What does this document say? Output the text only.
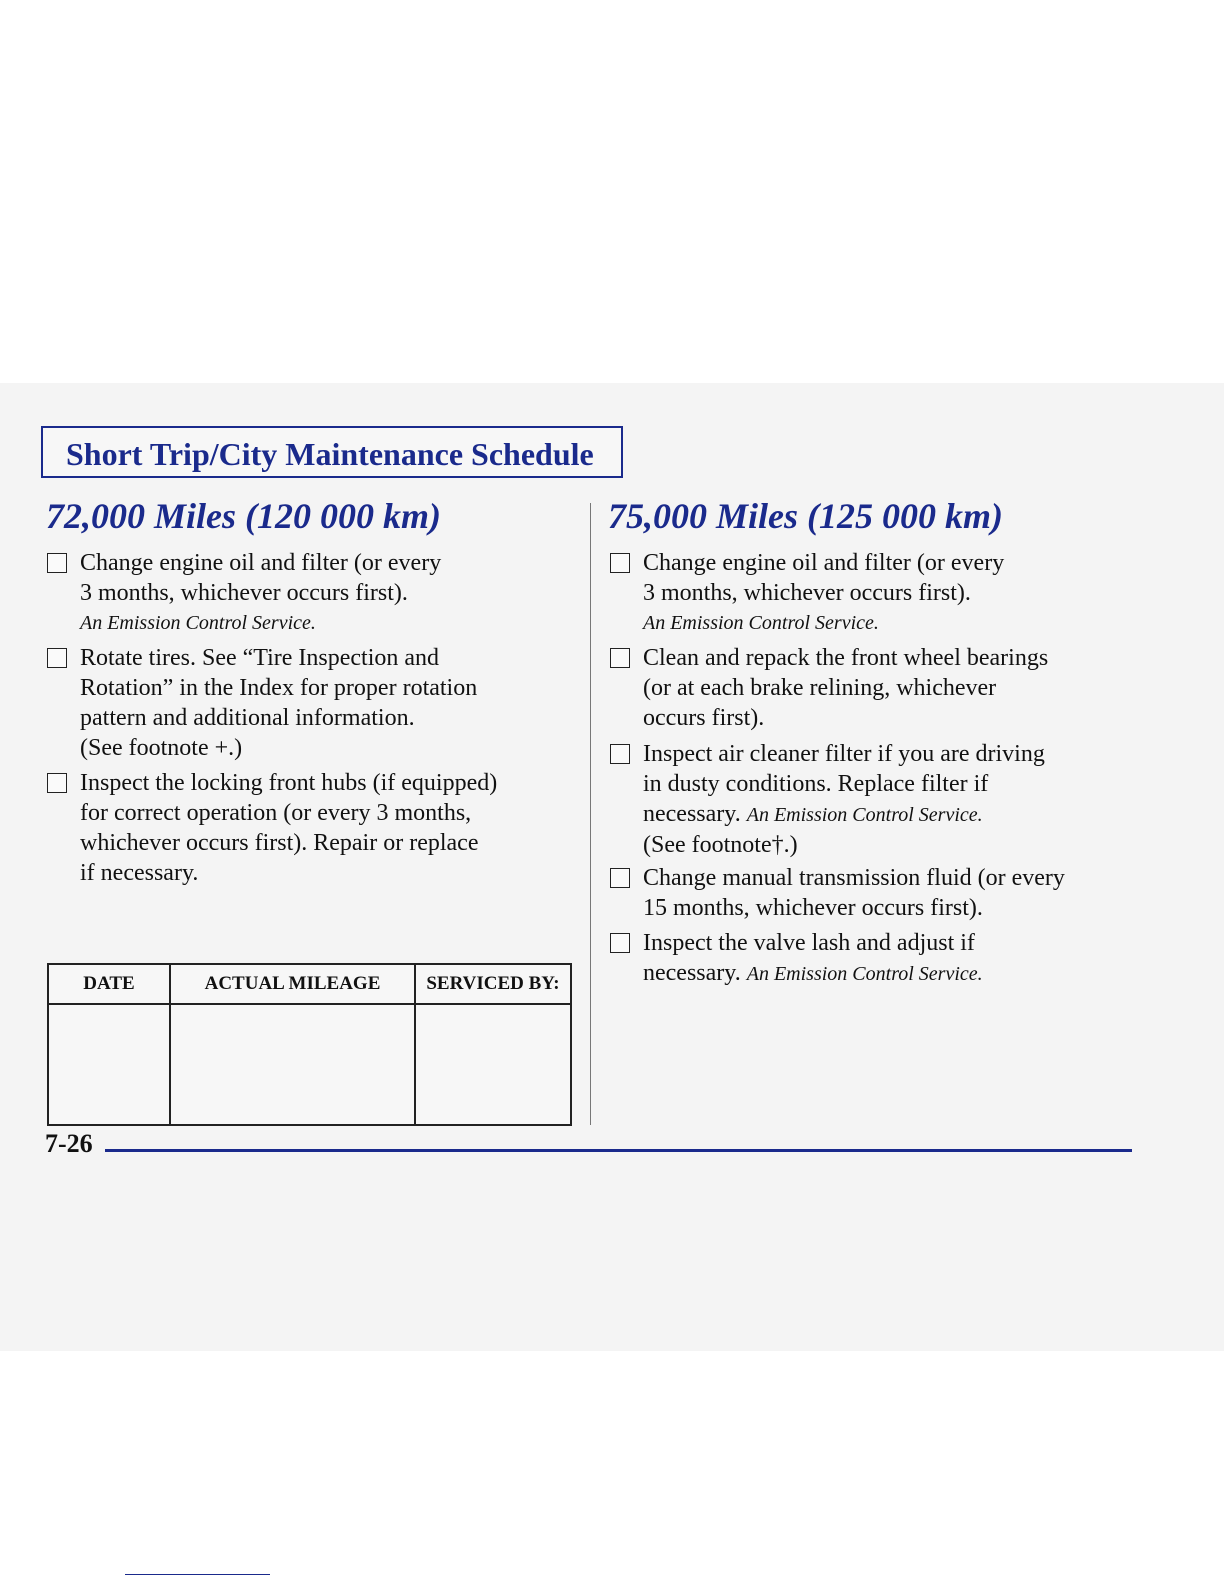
Short Trip/City Maintenance Schedule
72,000 Miles (120 000 km)
Change engine oil and filter (or every
3 months, whichever occurs first).
An Emission Control Service.
Rotate tires. See “Tire Inspection and
Rotation” in the Index for proper rotation
pattern and additional information.
(See footnote +.)
Inspect the locking front hubs (if equipped)
for correct operation (or every 3 months,
whichever occurs first). Repair or replace
if necessary.
DATE	ACTUAL MILEAGE	SERVICED BY:

75,000 Miles (125 000 km)
Change engine oil and filter (or every
3 months, whichever occurs first).
An Emission Control Service.
Clean and repack the front wheel bearings
(or at each brake relining, whichever
occurs first).
Inspect air cleaner filter if you are driving
in dusty conditions. Replace filter if
necessary. An Emission Control Service.
(See footnote†.)
Change manual transmission fluid (or every
15 months, whichever occurs first).
Inspect the valve lash and adjust if
necessary. An Emission Control Service.
7-26
